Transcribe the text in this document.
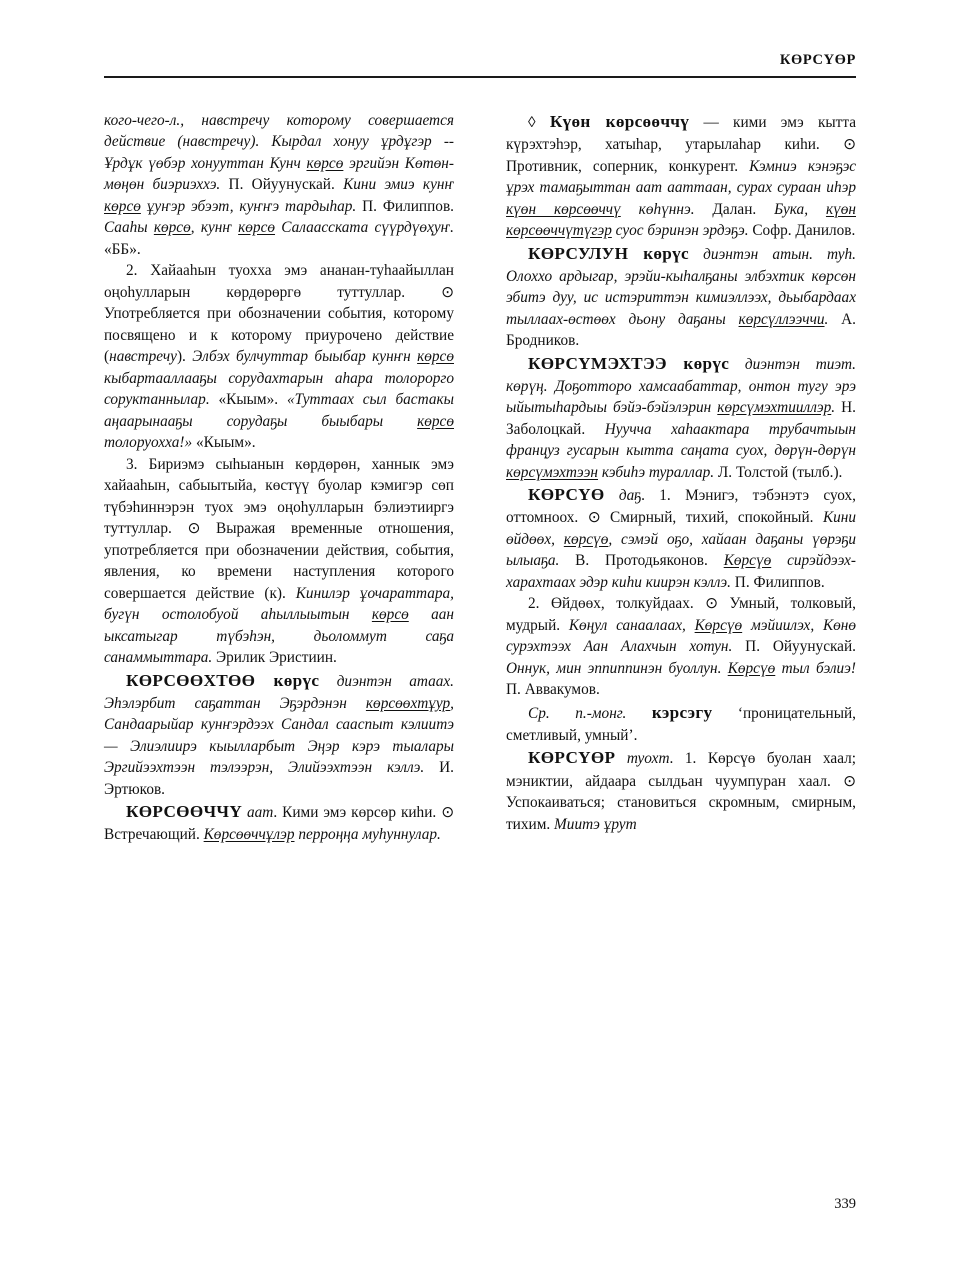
КӨРСҮӨР

кого-чего-л., навстречу которому совершается действие (навстречу). Кырдал хонуу ұрдұгэр -- Ұрдұк үөбэр хонууттан Кунч көрсө эргийэн Көтөн-мөңөн биэриэххэ. П. Ойуунускай. Кини эмиэ кунҥ көрсө ұуҥэр эбээт, куҥҥэ тардыһар. П. Филиппов. Сааһы көрсө, кунҥ көрсө Салаасската сүүрдүөҳуҥ. «ББ».

2. Хайааһын туохха эмэ ананан-туһаайыллан оңоһулларын көрдөрөргө туттуллар. ⊙ Употребляется при обозначении события, которому посвящено и к которому приурочено действие (навстречу). Элбэх булчуттар быыбар кунҥн көрсө кыбартааллааҕы сорудахтарын аһара толорорго соруктаннылар. «Кыым». «Туттаах сыл бастакы аңаарынааҕы сорудаҕы быыбары көрсө толоруохха!» «Кыым».

3. Бириэмэ сыһыанын көрдөрөн, ханнык эмэ хайааһын, сабыытыйа, көстүү буолар кэмигэр сөп түбэһиннэрэн туох эмэ оңоһулларын бэлиэтииргэ туттуллар. ⊙ Выражая временные отношения, употребляется при обозначении действия, события, явления, ко времени наступления которого совершается действие (к). Кинилэр ұочараттара, бугүн остолобуой аһыллыытын көрсө аан ыксатыгар түбэһэн, дьоломмут саҕа санаммыттара. Эрилик Эристиин.

КӨРСӨӨХТӨӨ көрүс диэнтэн атаах. Эһэлэрбит саҕаттан Эҕэрдэнэн көрсөөхтұур, Сандаарыйар кунҥэрдээх Сандал сааспыт кэлиитэ — Элиэлиирэ кыылларбыт Эңэр кэрэ тыалары Эргийээхтээн тэлээрэн, Элийээхтээн кэллэ. И. Эртюков.

КӨРСӨӨЧЧҮ аат. Кими эмэ көрсөр киһи. ⊙ Встречающий. Көрсөөччұлэр перроңңа муһуннулар.

◊ Күөн көрсөөччү — кими эмэ кытта күрэхтэһэр, хатыһар, утарылаһар киһи. ⊙ Противник, соперник, конкурент. Кэмниэ кэнэҕэс ұрэх тамаҕыттан аат ааттаан, сурах сураан иһэр күөн көрсөөччү көһүннэ. Далан. Бука, күөн көрсөөччүтүгэр суос бэринэн эрдэҕэ. Софр. Данилов.

КӨРСУЛУН көрүс диэнтэн атын. туһ. Олоххо ардыгар, эрэйи-кыһалҕаны элбэхтик көрсөн эбитэ дуу, ис истэриттэн кимиэллээх, дьыбардаах тыллаах-өстөөх дьону даҕаны көрсүллээччи. А. Бродников.

КӨРСҮМЭХТЭЭ көрүс диэнтэн тиэт. көрүң. Доҕотторо хамсаабаттар, онтон тугу эрэ ыйытыһардыы бэйэ-бэйэлэрин көрсүмэхтииллэр. Н. Заболоцкай. Нуучча хаһаактара трубачтыын француз гусарын кытта саңата суох, дөрүн-дөрүн көрсүмэхтээн кэбиһэ тураллар. Л. Толстой (тылб.).

КӨРСҮӨ даҕ. 1. Мэнигэ, тэбэнэтэ суох, оттомноох. ⊙ Смирный, тихий, спокойный. Кини өйдөөх, көрсүө, сэмэй оҕо, хайаан даҕаны үөрэҕи ылыаҕа. В. Протодьяконов. Көрсүө сирэйдээх-харахтаах эдэр киһи киирэн кэллэ. П. Филиппов.

2. Өйдөөх, толкуйдаах. ⊙ Умный, толковый, мудрый. Көңул санаалаах, Көрсүө мэйиилэх, Көнө сурэхтээх Аан Алахчын хотун. П. Ойуунускай. Оннук, мин эппиппинэн буоллун. Көрсүө тыл бэлиэ! П. Аввакумов.

Ср. п.-монг. кэрсэгу ʻпроницательный, сметливый, умныйʼ.

КӨРСҮӨР туохт. 1. Көрсүө буолан хаал; мэниктии, айдаара сылдьан чуумпуран хаал. ⊙ Успокаиваться; становиться скромным, смирным, тихим. Миитэ ұрут

339
